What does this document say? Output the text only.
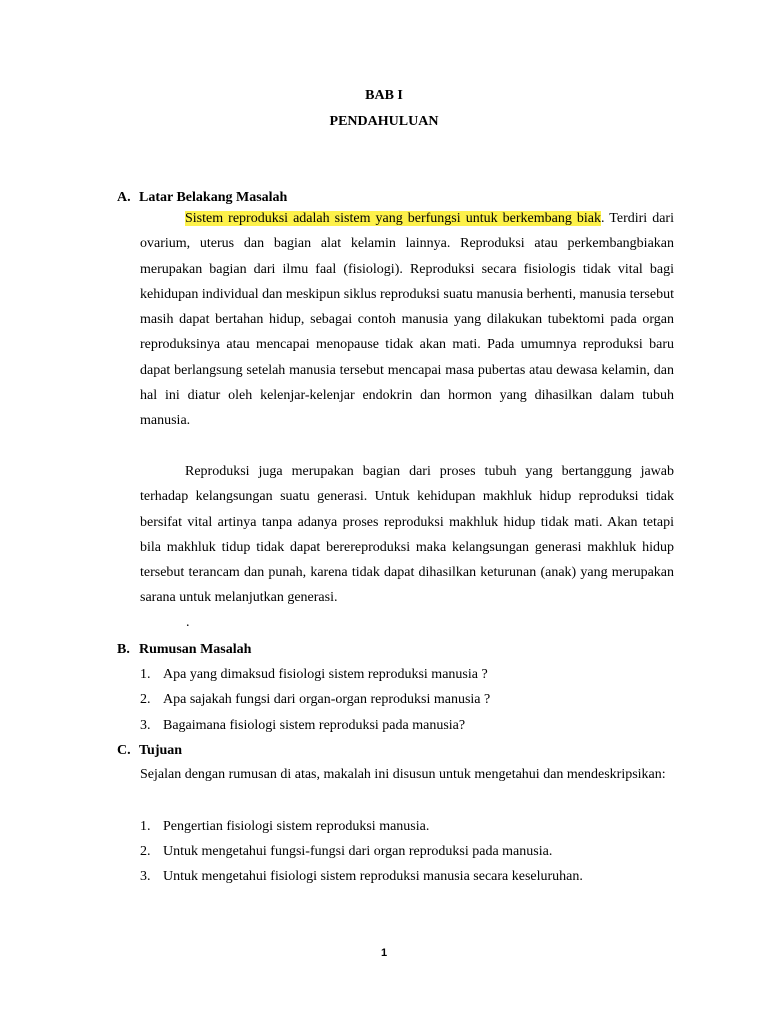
BAB I
PENDAHULUAN
A. Latar Belakang Masalah

Sistem reproduksi adalah sistem yang berfungsi untuk berkembang biak. Terdiri dari ovarium, uterus dan bagian alat kelamin lainnya. Reproduksi atau perkembangbiakan merupakan bagian dari ilmu faal (fisiologi). Reproduksi secara fisiologis tidak vital bagi kehidupan individual dan meskipun siklus reproduksi suatu manusia berhenti, manusia tersebut masih dapat bertahan hidup, sebagai contoh manusia yang dilakukan tubektomi pada organ reproduksinya atau mencapai menopause tidak akan mati. Pada umumnya reproduksi baru dapat berlangsung setelah manusia tersebut mencapai masa pubertas atau dewasa kelamin, dan hal ini diatur oleh kelenjar-kelenjar endokrin dan hormon yang dihasilkan dalam tubuh manusia.

Reproduksi juga merupakan bagian dari proses tubuh yang bertanggung jawab terhadap kelangsungan suatu generasi. Untuk kehidupan makhluk hidup reproduksi tidak bersifat vital artinya tanpa adanya proses reproduksi makhluk hidup tidak mati. Akan tetapi bila makhluk tidup tidak dapat berereproduksi maka kelangsungan generasi makhluk hidup tersebut terancam dan punah, karena tidak dapat dihasilkan keturunan (anak) yang merupakan sarana untuk melanjutkan generasi.

.
B. Rumusan Masalah
1. Apa yang dimaksud fisiologi sistem reproduksi manusia ?
2. Apa sajakah fungsi dari organ-organ reproduksi manusia ?
3. Bagaimana fisiologi sistem reproduksi pada manusia?
C. Tujuan

Sejalan dengan rumusan di atas, makalah ini disusun untuk mengetahui dan mendeskripsikan:

1. Pengertian fisiologi sistem reproduksi manusia.
2. Untuk mengetahui fungsi-fungsi dari organ reproduksi pada manusia.
3. Untuk mengetahui fisiologi sistem reproduksi manusia secara keseluruhan.
1
